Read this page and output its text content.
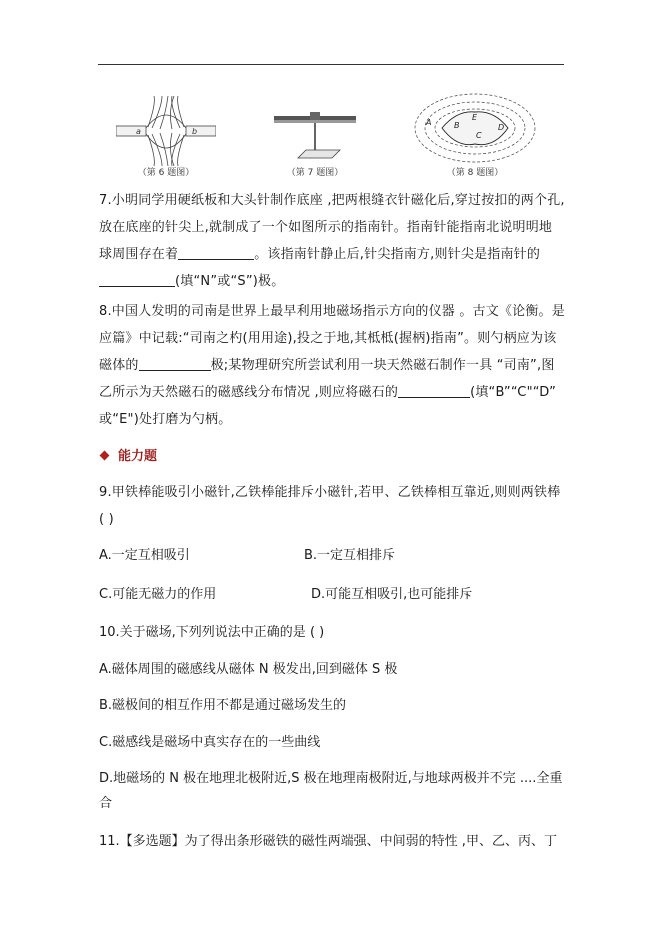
a	b
（第 6 题图）	（第 7 题图）
A	B
C
D
E
（第 8 题图）
7.小明同学用硬纸板和大头针制作底座 ,把两根缝衣针磁化后,穿过按扣的两个孔,
放在底座的针尖上,就制成了一个如图所示的指南针。指南针能指南北说明明地
球周围存在着	。该指南针静止后,针尖指南方,则针尖是指南针的
(填“N”或“S”)极。
8.中国人发明的司南是世界上最早利用地磁场指示方向的仪器 。古文《论衡。是
应篇》中记载:“司南之杓(用用途),投之于地,其柢柢(握柄)指南”。则勺柄应为该
磁体的	极;某物理研究所尝试利用一块天然磁石制作一具 “司南”,图
乙所示为天然磁石的磁感线分布情况 ,则应将磁石的	(填“B”“C"“D”
或“E")处打磨为勺柄。
能力题
9.甲铁棒能吸引小磁针,乙铁棒能排斥小磁针,若甲、乙铁棒相互靠近,则则两铁棒
( )
A.一定互相吸引	B.一定互相排斥
C.可能无磁力的作用	D.可能互相吸引,也可能排斥
10.关于磁场,下列列说法中正确的是 ( )
A.磁体周围的磁感线从磁体 N 极发出,回到磁体 S 极
B.磁极间的相互作用不都是通过磁场发生的
C.磁感线是磁场中真实存在的一些曲线
D.地磁场的 N 极在地理北极附近,S 极在地理南极附近,与地球两极并不完 ....全重
合
11.【多选题】为了得出条形磁铁的磁性两端强、中间弱的特性 ,甲、乙、丙、丁
